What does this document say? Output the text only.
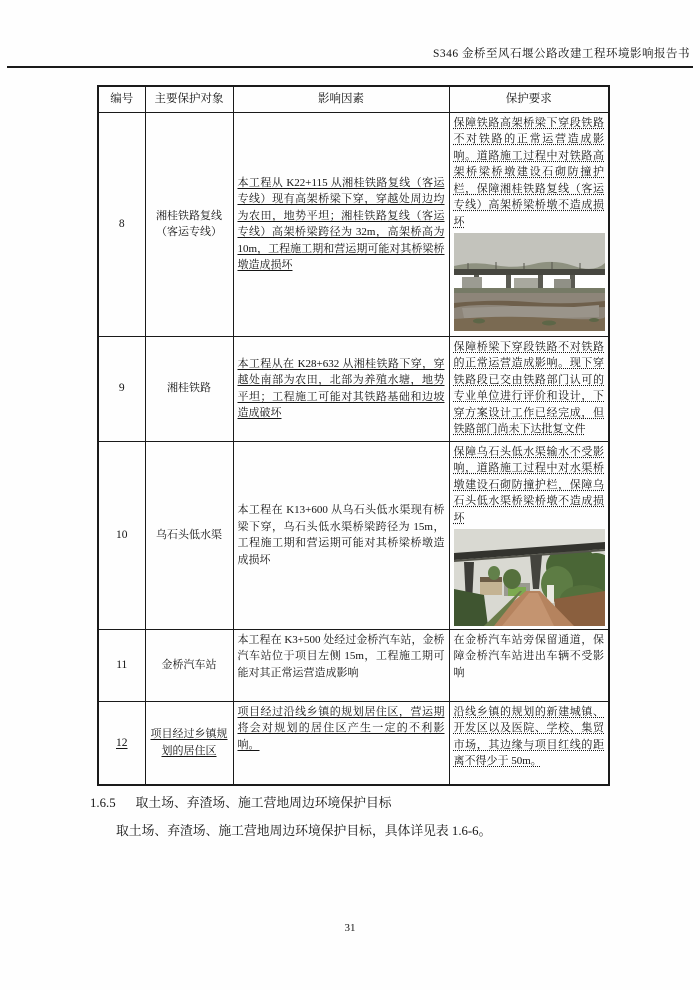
S346 金桥至风石堰公路改建工程环境影响报告书
编号	主要保护对象	影响因素	保护要求
8	湘桂铁路复线（客运专线）	本工程从 K22+115 从湘桂铁路复线（客运专线）现有高架桥梁下穿，穿越处周边均为农田，地势平坦；湘桂铁路复线（客运专线）高架桥梁跨径为 32m，高架桥高为 10m，工程施工期和营运期可能对其桥梁桥墩造成损坏	保障铁路高架桥梁下穿段铁路不对铁路的正常运营造成影响。道路施工过程中对铁路高架桥梁桥墩建设石砌防撞护栏，保障湘桂铁路复线（客运专线）高架桥梁桥墩不造成损坏

9	湘桂铁路	本工程从在 K28+632 从湘桂铁路下穿，穿越处南部为农田，北部为养殖水塘，地势平坦；工程施工可能对其铁路基础和边坡造成破坏	保障桥梁下穿段铁路不对铁路的正常运营造成影响。现下穿铁路段已交由铁路部门认可的专业单位进行评价和设计，下穿方案设计工作已经完成，但铁路部门尚未下达批复文件
10	乌石头低水渠	本工程在 K13+600 从乌石头低水渠现有桥梁下穿，乌石头低水渠桥梁跨径为 15m，工程施工期和营运期可能对其桥梁桥墩造成损坏	保障乌石头低水渠输水不受影响，道路施工过程中对水渠桥墩建设石砌防撞护栏，保障乌石头低水渠桥梁桥墩不造成损坏

11	金桥汽车站	本工程在 K3+500 处经过金桥汽车站，金桥汽车站位于项目左侧 15m，工程施工期可能对其正常运营造成影响	在金桥汽车站旁保留通道，保障金桥汽车站进出车辆不受影响
12	项目经过乡镇规划的居住区	项目经过沿线乡镇的规划居住区，营运期将会对规划的居住区产生一定的不利影响。	沿线乡镇的规划的新建城镇、开发区以及医院、学校、集贸市场，其边缘与项目红线的距离不得少于 50m。
1.6.5 取土场、弃渣场、施工营地周边环境保护目标
取土场、弃渣场、施工营地周边环境保护目标，具体详见表 1.6-6。
31
